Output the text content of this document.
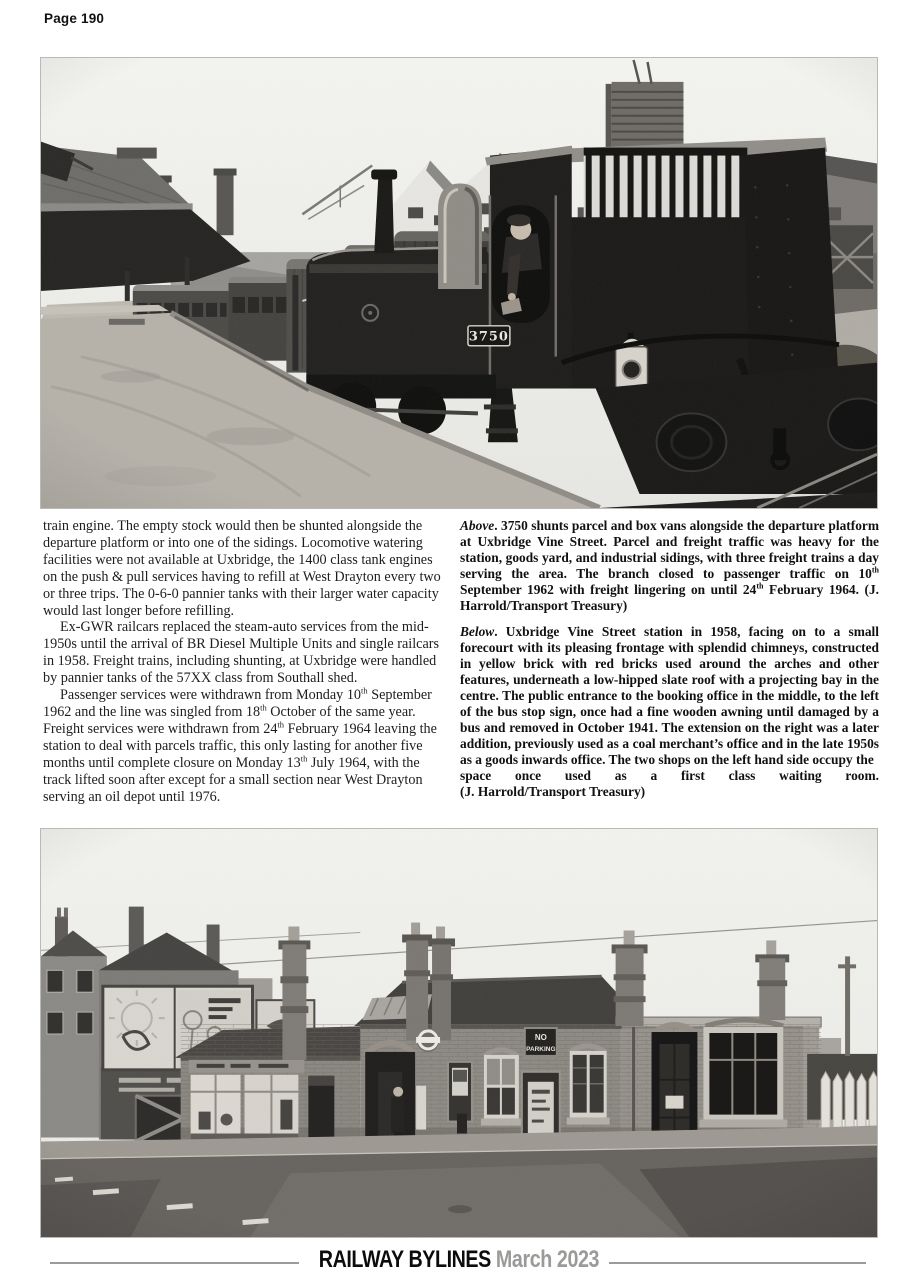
Page 190

train engine. The empty stock would then be shunted alongside the departure platform or into one of the sidings. Locomotive watering facilities were not available at Uxbridge, the 1400 class tank engines on the push & pull services having to refill at West Drayton every two or three trips. The 0-6-0 pannier tanks with their larger water capacity would last longer before refilling.

Ex-GWR railcars replaced the steam-auto services from the mid-1950s until the arrival of BR Diesel Multiple Units and single railcars in 1958. Freight trains, including shunting, at Uxbridge were handled by pannier tanks of the 57XX class from Southall shed.

Passenger services were withdrawn from Monday 10th September 1962 and the line was singled from 18th October of the same year. Freight services were withdrawn from 24th February 1964 leaving the station to deal with parcels traffic, this only lasting for another five months until complete closure on Monday 13th July 1964, with the track lifted soon after except for a small section near West Drayton serving an oil depot until 1976.

Above. 3750 shunts parcel and box vans alongside the departure platform at Uxbridge Vine Street. Parcel and freight traffic was heavy for the station, goods yard, and industrial sidings, with three freight trains a day serving the area. The branch closed to passenger traffic on 10th September 1962 with freight lingering on until 24th February 1964. (J. Harrold/Transport Treasury)

Below. Uxbridge Vine Street station in 1958, facing on to a small forecourt with its pleasing frontage with splendid chimneys, constructed in yellow brick with red bricks used around the arches and other features, underneath a low-hipped slate roof with a projecting bay in the centre. The public entrance to the booking office in the middle, to the left of the bus stop sign, once had a fine wooden awning until damaged by a bus and removed in October 1941. The extension on the right was a later addition, previously used as a coal merchant’s office and in the late 1950s as a goods inwards office. The two shops on the left hand side occupy the
space once used as a first class waiting room.
(J. Harrold/Transport Treasury)

RAILWAY BYLINES March 2023
